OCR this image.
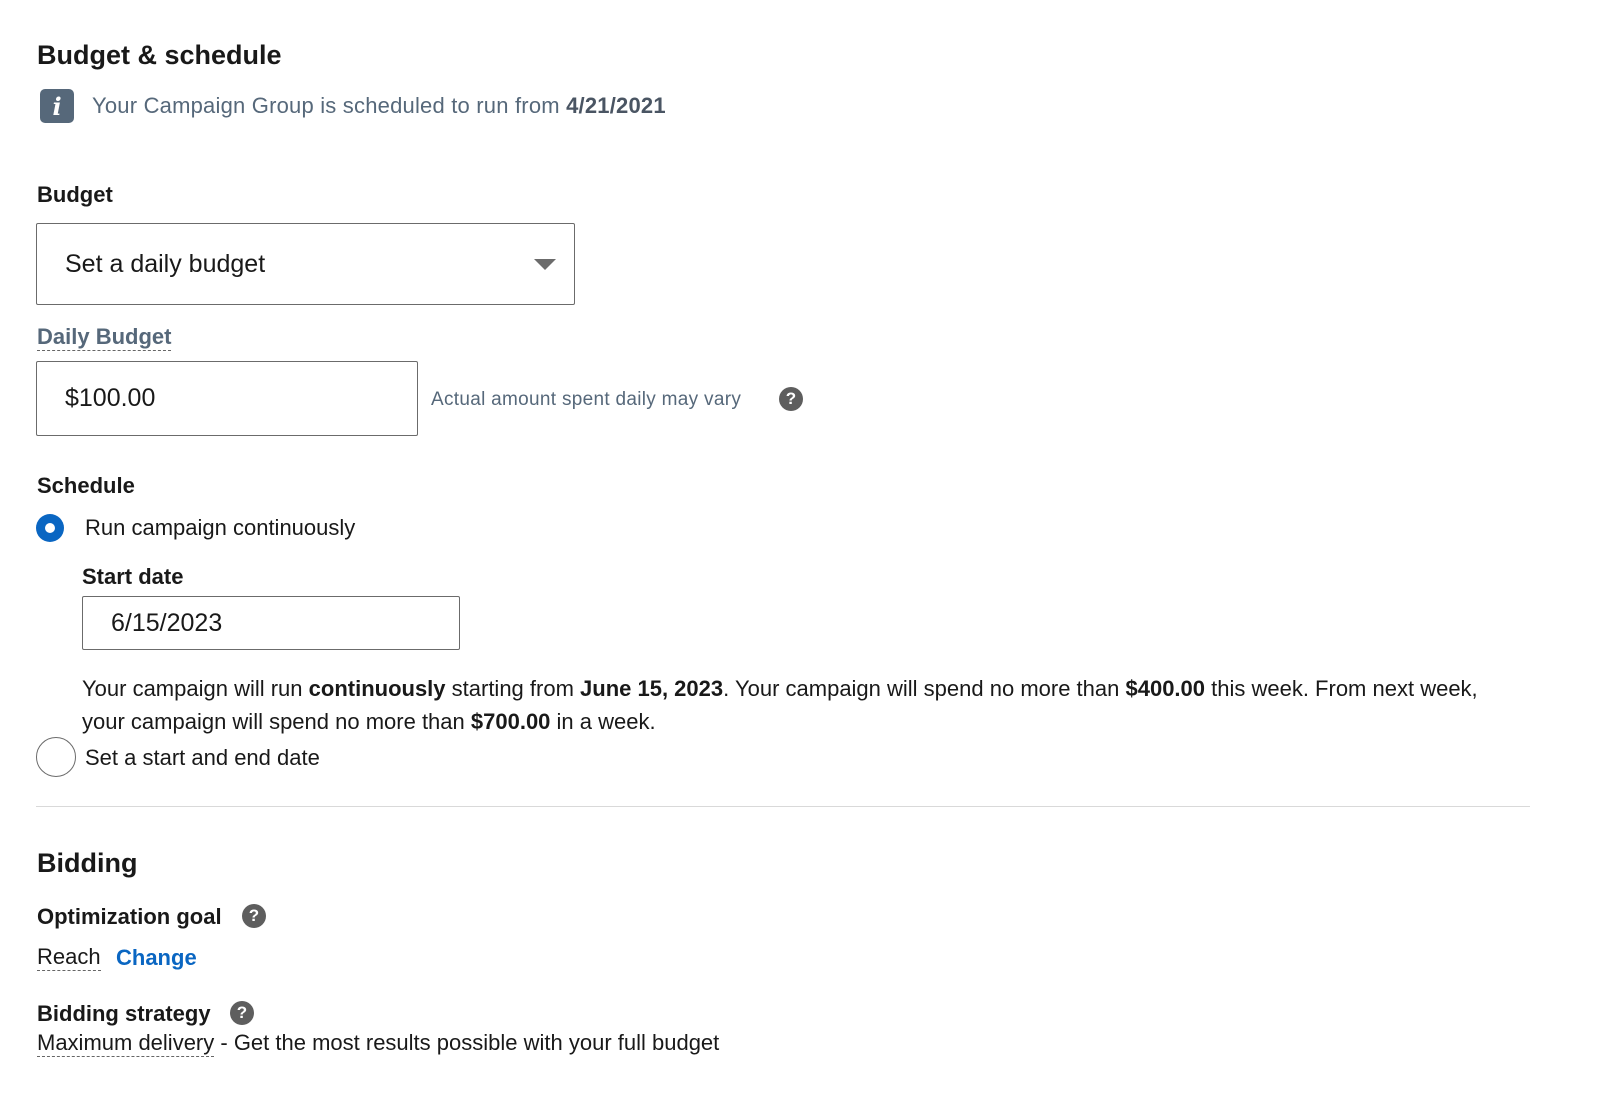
Budget & schedule
i	Your Campaign Group is scheduled to run from 4/21/2021
Budget
Set a daily budget
Daily Budget
$100.00	Actual amount spent daily may vary	?
Schedule
Run campaign continuously
Start date
6/15/2023
Your campaign will run continuously starting from June 15, 2023. Your campaign will spend no more than $400.00 this week. From next week, your campaign will spend no more than $700.00 in a week.
Set a start and end date
Bidding
Optimization goal	?
Reach Change
Bidding strategy	?
Maximum delivery - Get the most results possible with your full budget
